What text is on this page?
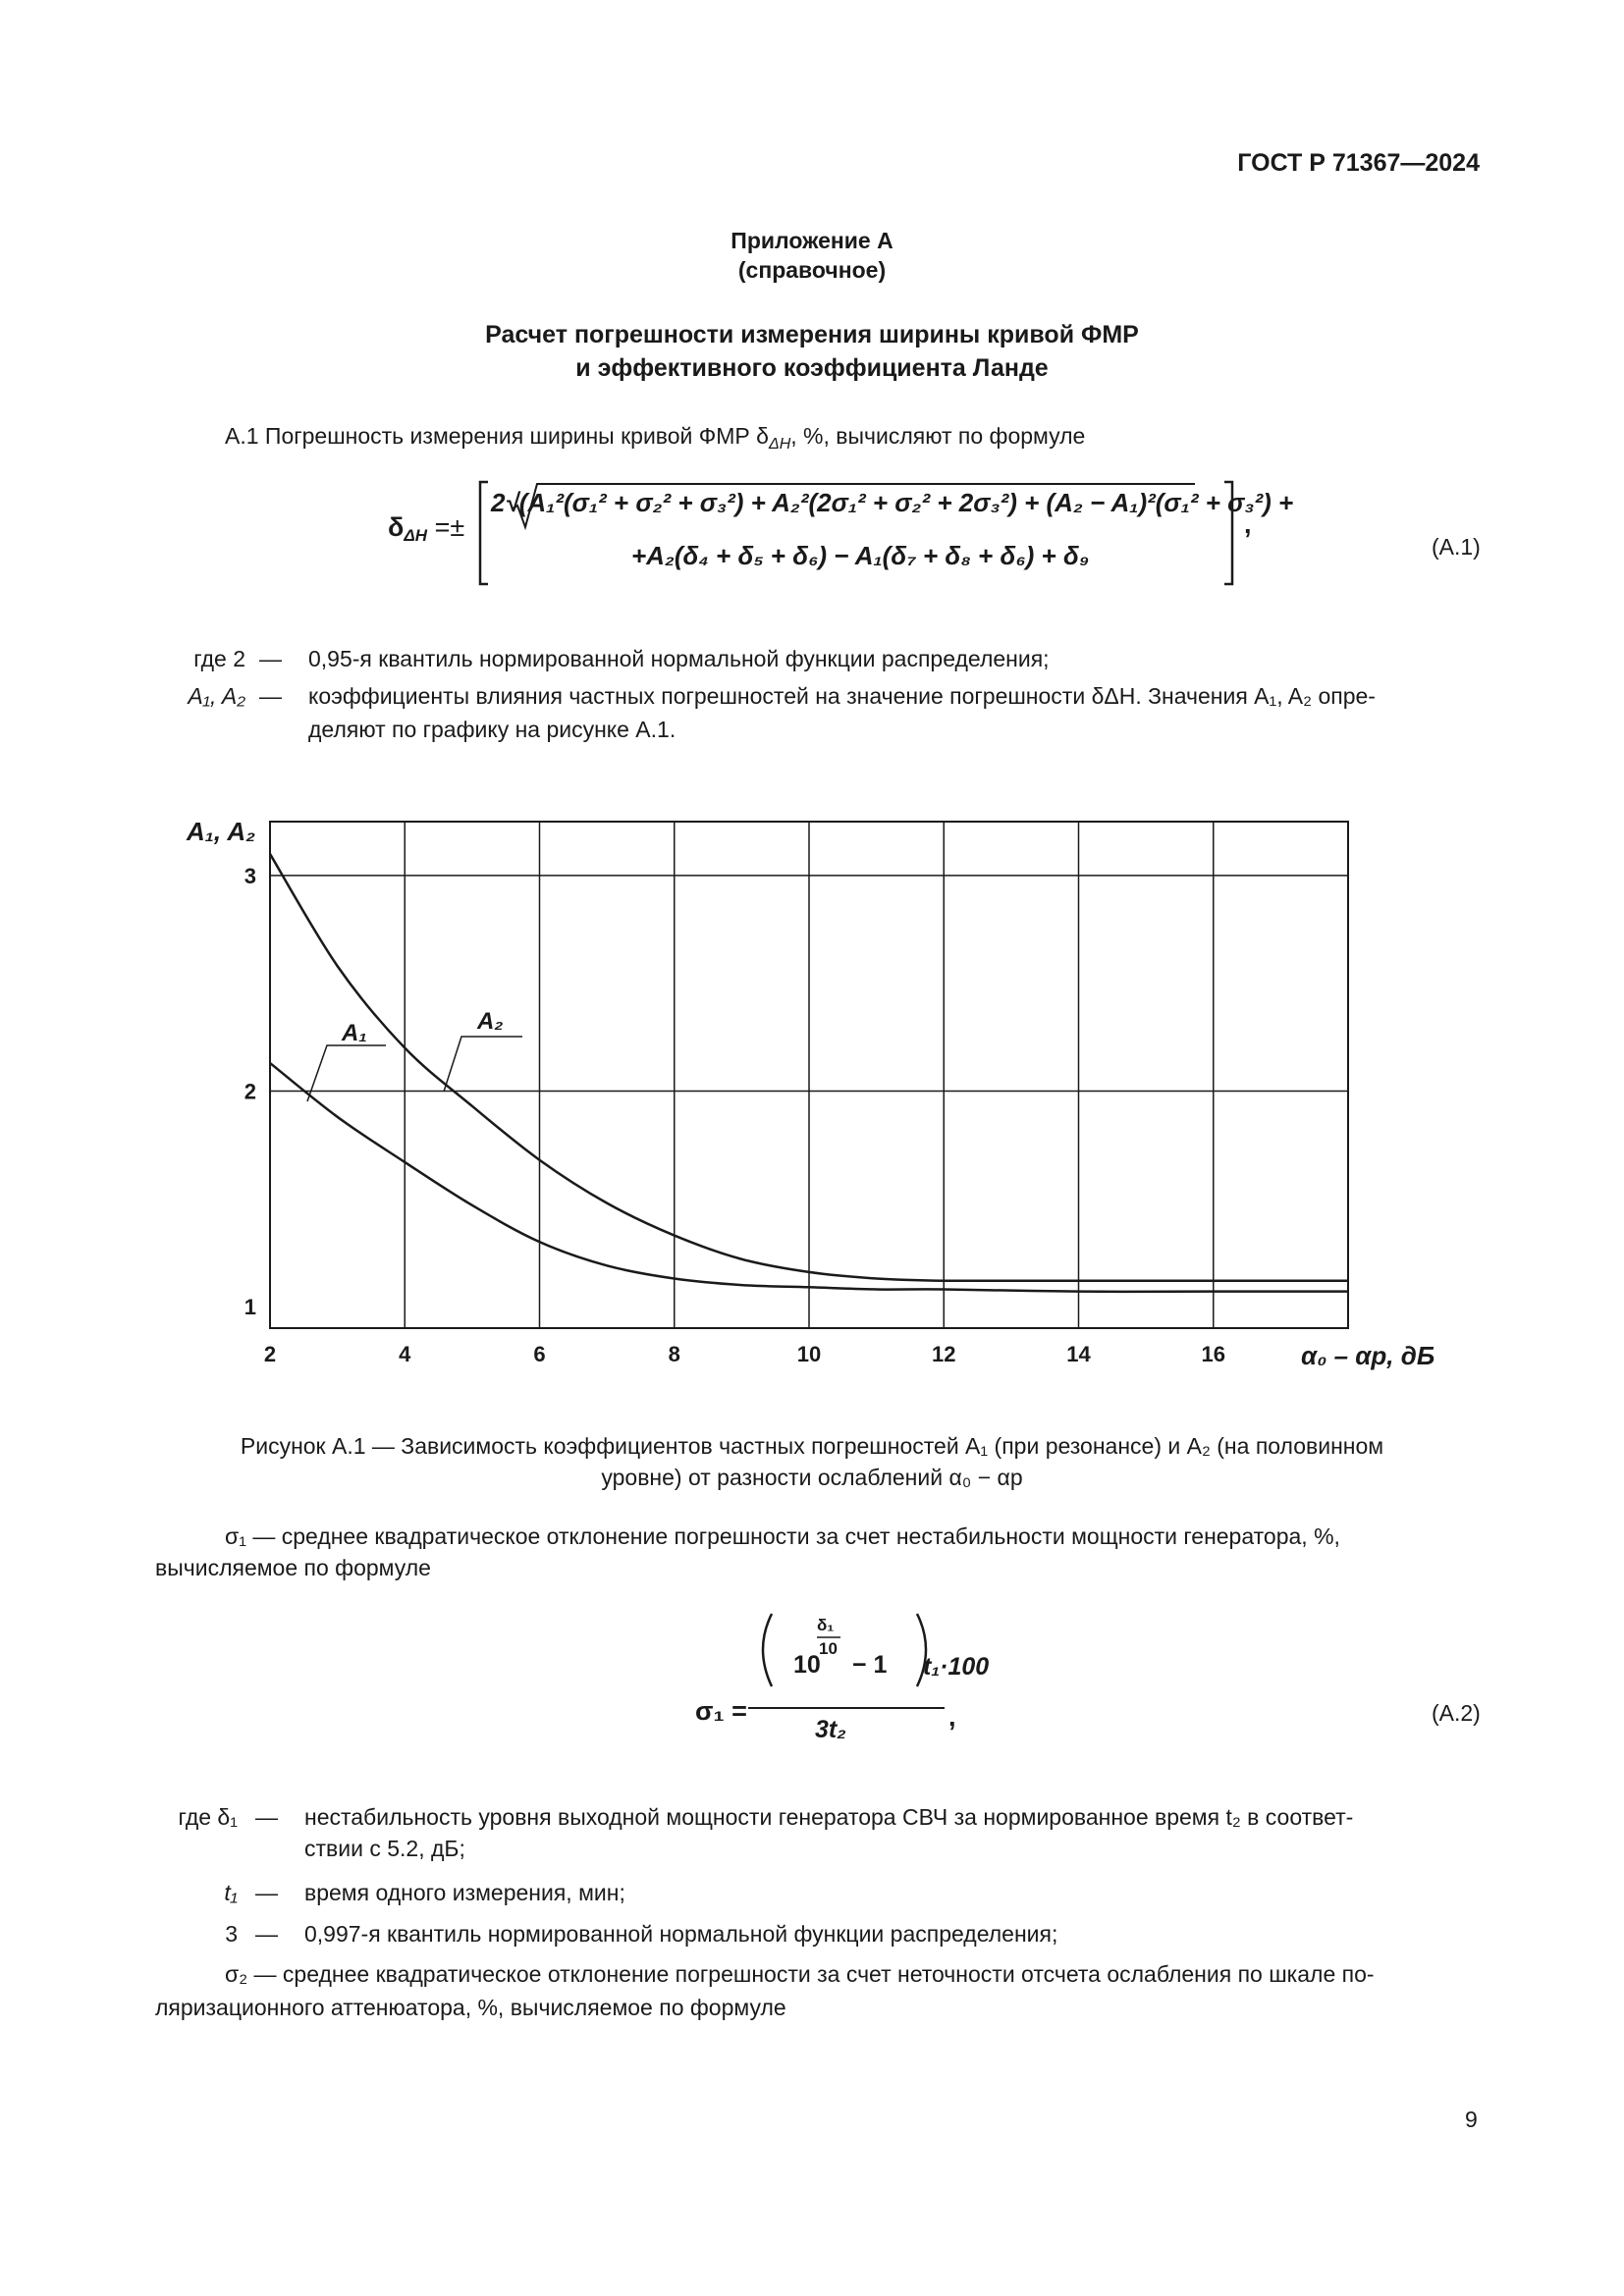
ГОСТ Р 71367—2024
Приложение А
(справочное)
Расчет погрешности измерения ширины кривой ФМР
и эффективного коэффициента Ланде
А.1 Погрешность измерения ширины кривой ФМР $\delta_{\Delta H}$, %, вычисляют по формуле
$\delta_{\Delta H}$ =±
2√(A₁²(σ₁² + σ₂² + σ₃²) + A₂²(2σ₁² + σ₂² + 2σ₃²) + (A₂ − A₁)²(σ₁² + σ₃²) +
+A₂(δ₄ + δ₅ + δ₆) − A₁(δ₇ + δ₈ + δ₆) + δ₉
,
(А.1)
где 2 — 0,95-я квантиль нормированной нормальной функции распределения;
A₁, A₂ — коэффициенты влияния частных погрешностей на значение погрешности δΔH. Значения A₁, A₂ опре-
деляют по графику на рисунке А.1.
A₁	A₂
2	4	6	8	10	12	14	16
1
2
3
A₁, A₂
α₀ – αр, дБ
Рисунок А.1 — Зависимость коэффициентов частных погрешностей A₁ (при резонансе) и A₂ (на половинном
уровне) от разности ослаблений α₀ − αр
σ₁ — среднее квадратическое отклонение погрешности за счет нестабильности мощности генератора, %,
вычисляемое по формуле
σ₁ =
δ₁
10
10 − 1 t₁·100
3t₂	,	(А.2)
где δ₁ — нестабильность уровня выходной мощности генератора СВЧ за нормированное время t₂ в соответ-
ствии с 5.2, дБ;
t₁ — время одного измерения, мин;
3 — 0,997-я квантиль нормированной нормальной функции распределения;
σ₂ — среднее квадратическое отклонение погрешности за счет неточности отсчета ослабления по шкале по-
ляризационного аттенюатора, %, вычисляемое по формуле
9
